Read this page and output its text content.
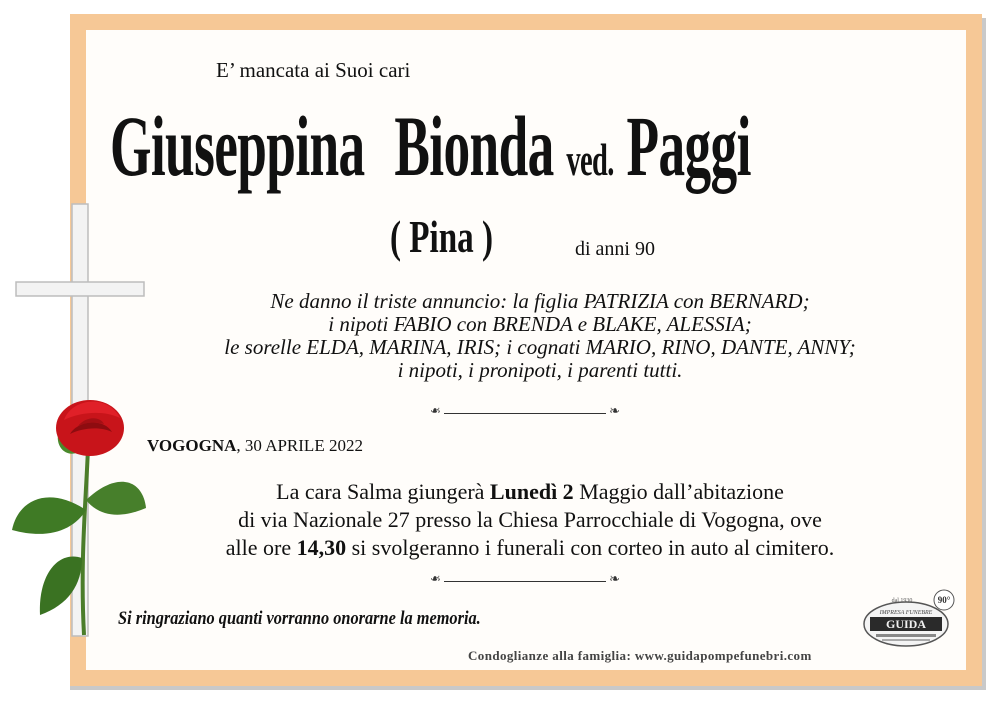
E’ mancata ai Suoi cari
Giuseppina Bionda ved. Paggi
( Pina )	di anni 90
Ne danno il triste annuncio: la figlia PATRIZIA con BERNARD;
i nipoti FABIO con BRENDA e BLAKE, ALESSIA;
le sorelle ELDA, MARINA, IRIS; i cognati MARIO, RINO, DANTE, ANNY;
i nipoti, i pronipoti, i parenti tutti.
❧ ❧
VOGOGNA, 30 APRILE 2022
La cara Salma giungerà Lunedì 2 Maggio dall’abitazione
di via Nazionale 27 presso la Chiesa Parrocchiale di Vogogna, ove
alle ore 14,30 si svolgeranno i funerali con corteo in auto al cimitero.
❧ ❧
Si ringraziano quanti vorranno onorarne la memoria.
90°
dal 1930
IMPRESA FUNEBRE
GUIDA
Condoglianze alla famiglia: www.guidapompefunebri.com
